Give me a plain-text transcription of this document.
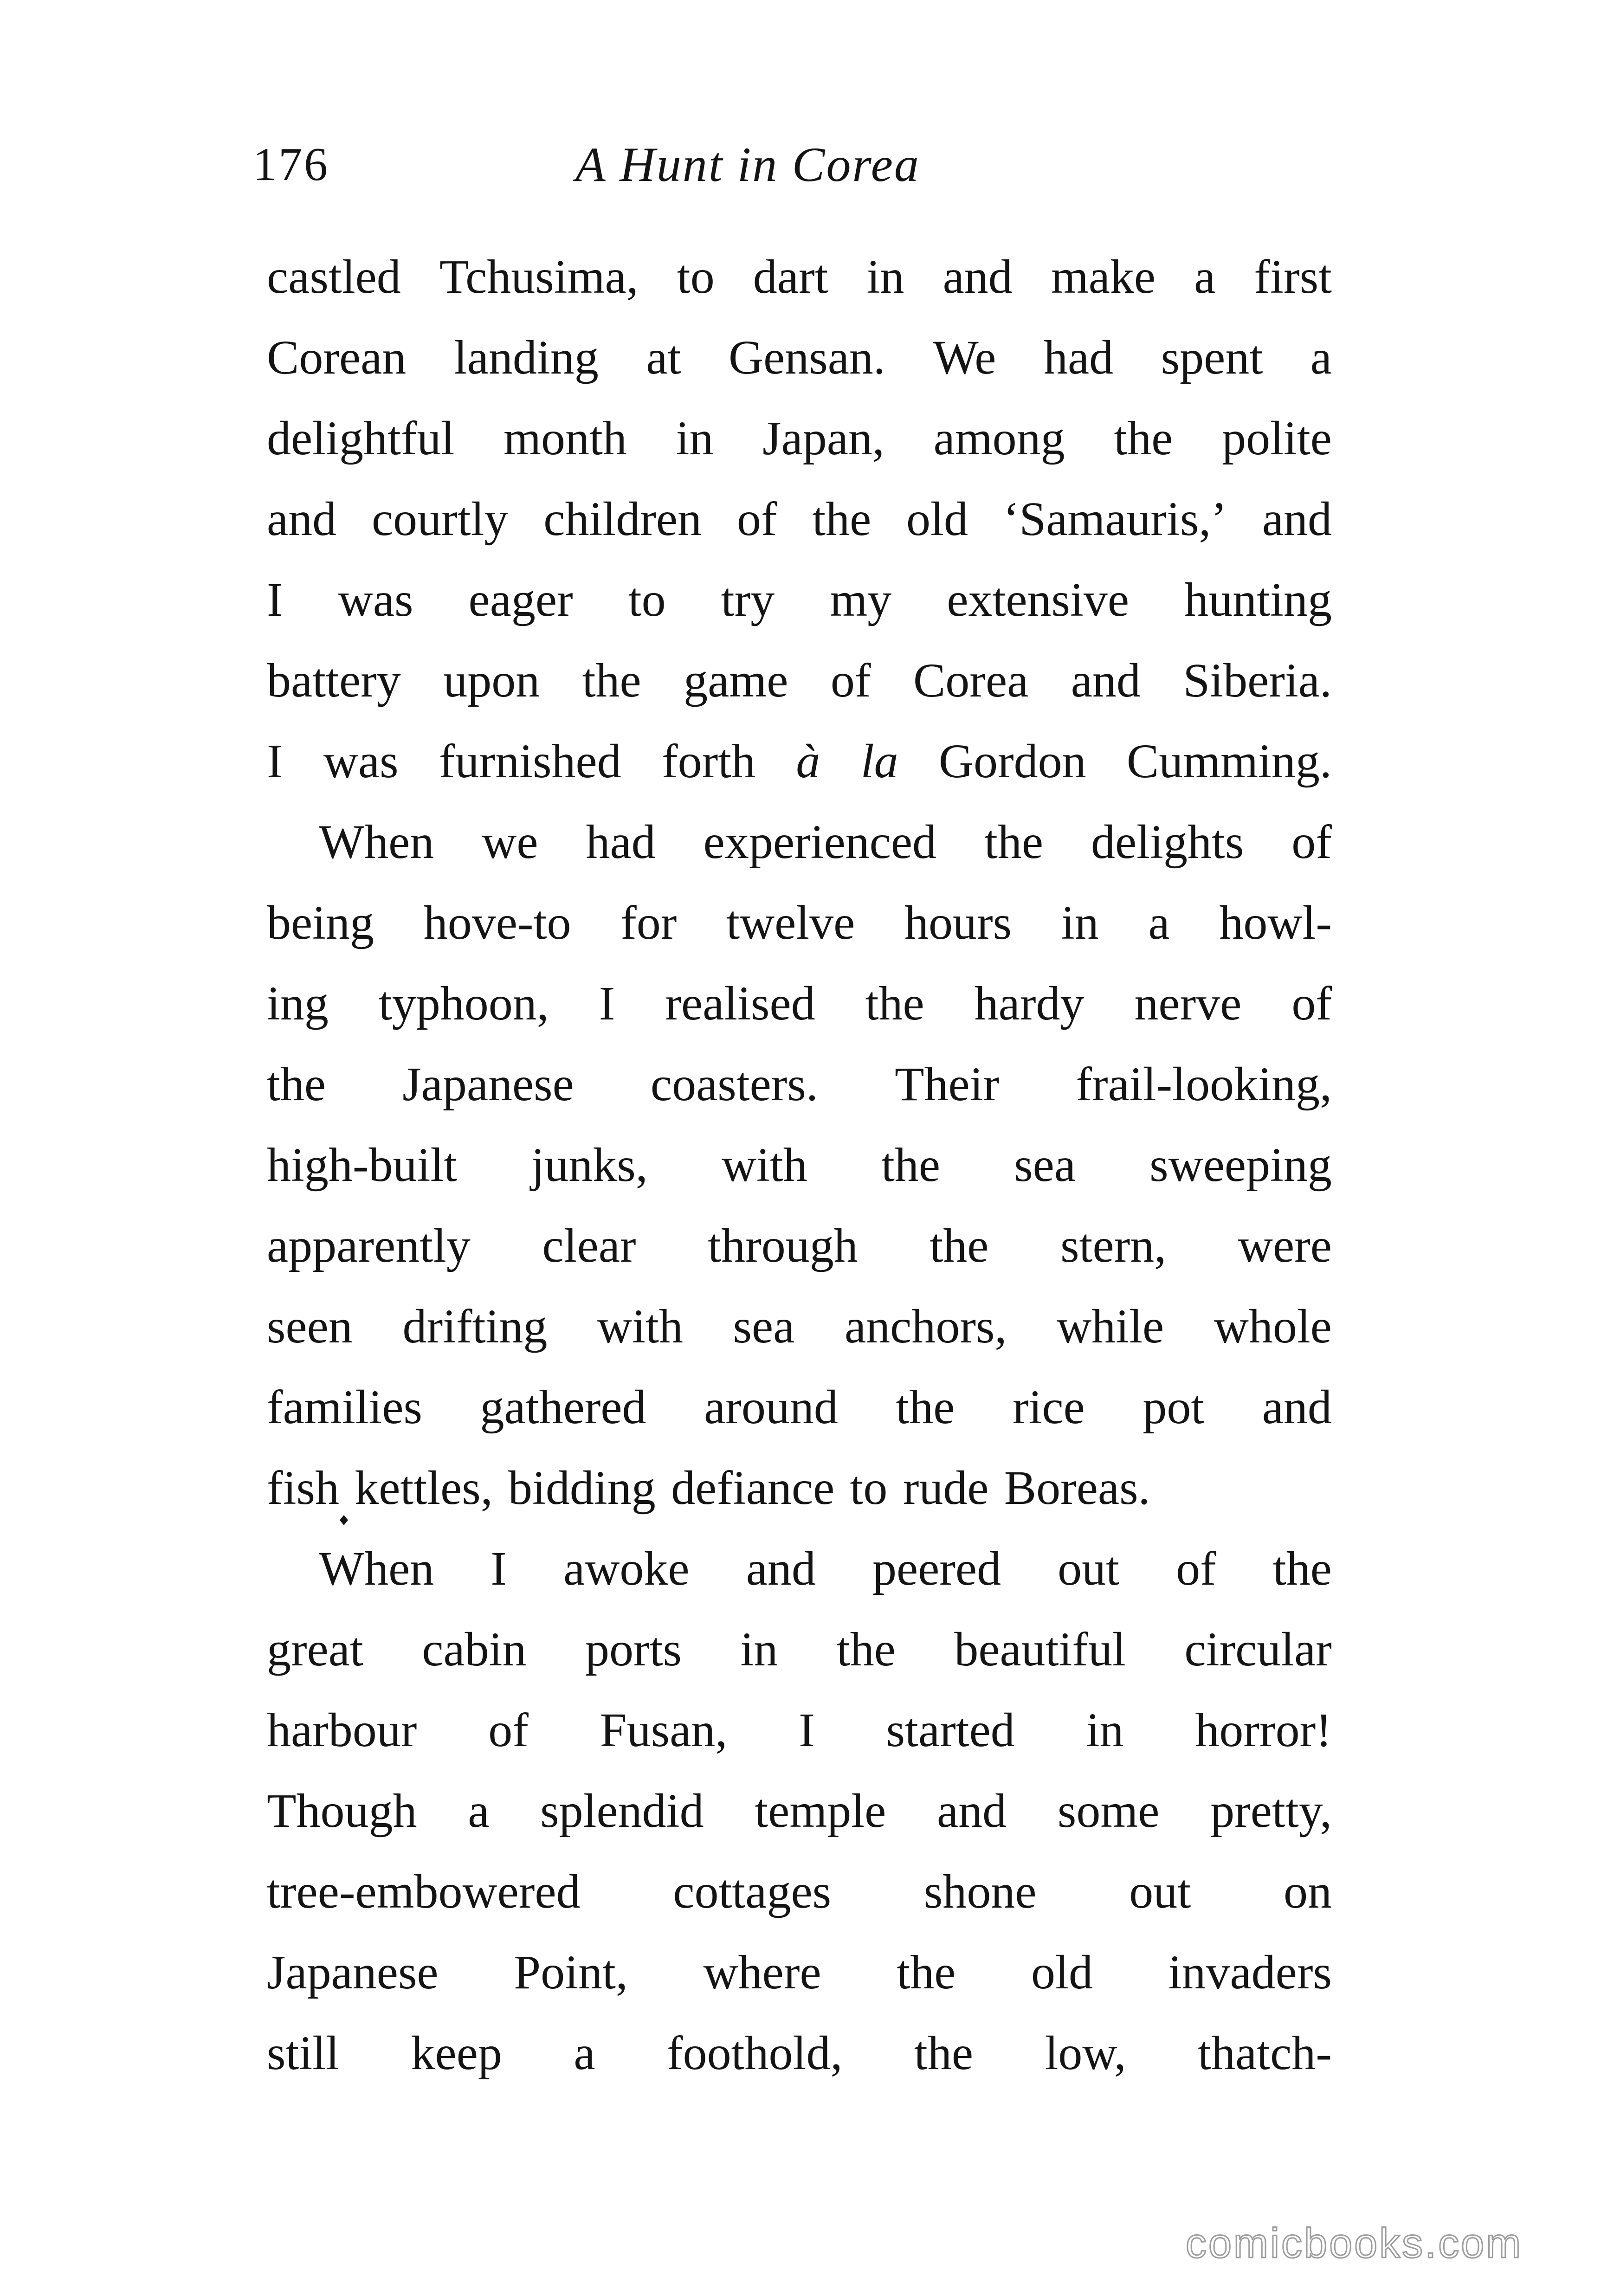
176	A Hunt in Corea
castled Tchusima, to dart in and make a first
Corean landing at Gensan. We had spent a
delightful month in Japan, among the polite
and courtly children of the old ‘Samauris,’ and
I was eager to try my extensive hunting
battery upon the game of Corea and Siberia.
I was furnished forth à la Gordon Cumming.
When we had experienced the delights of
being hove-to for twelve hours in a howl-
ing typhoon, I realised the hardy nerve of
the Japanese coasters. Their frail-looking,
high-built junks, with the sea sweeping
apparently clear through the stern, were
seen drifting with sea anchors, while whole
families gathered around the rice pot and
fish kettles, bidding defiance to rude Boreas.
When I awoke and peered out of the
great cabin ports in the beautiful circular
harbour of Fusan, I started in horror!
Though a splendid temple and some pretty,
tree-embowered cottages shone out on
Japanese Point, where the old invaders
still keep a foothold, the low, thatch-
comicbooks.com
